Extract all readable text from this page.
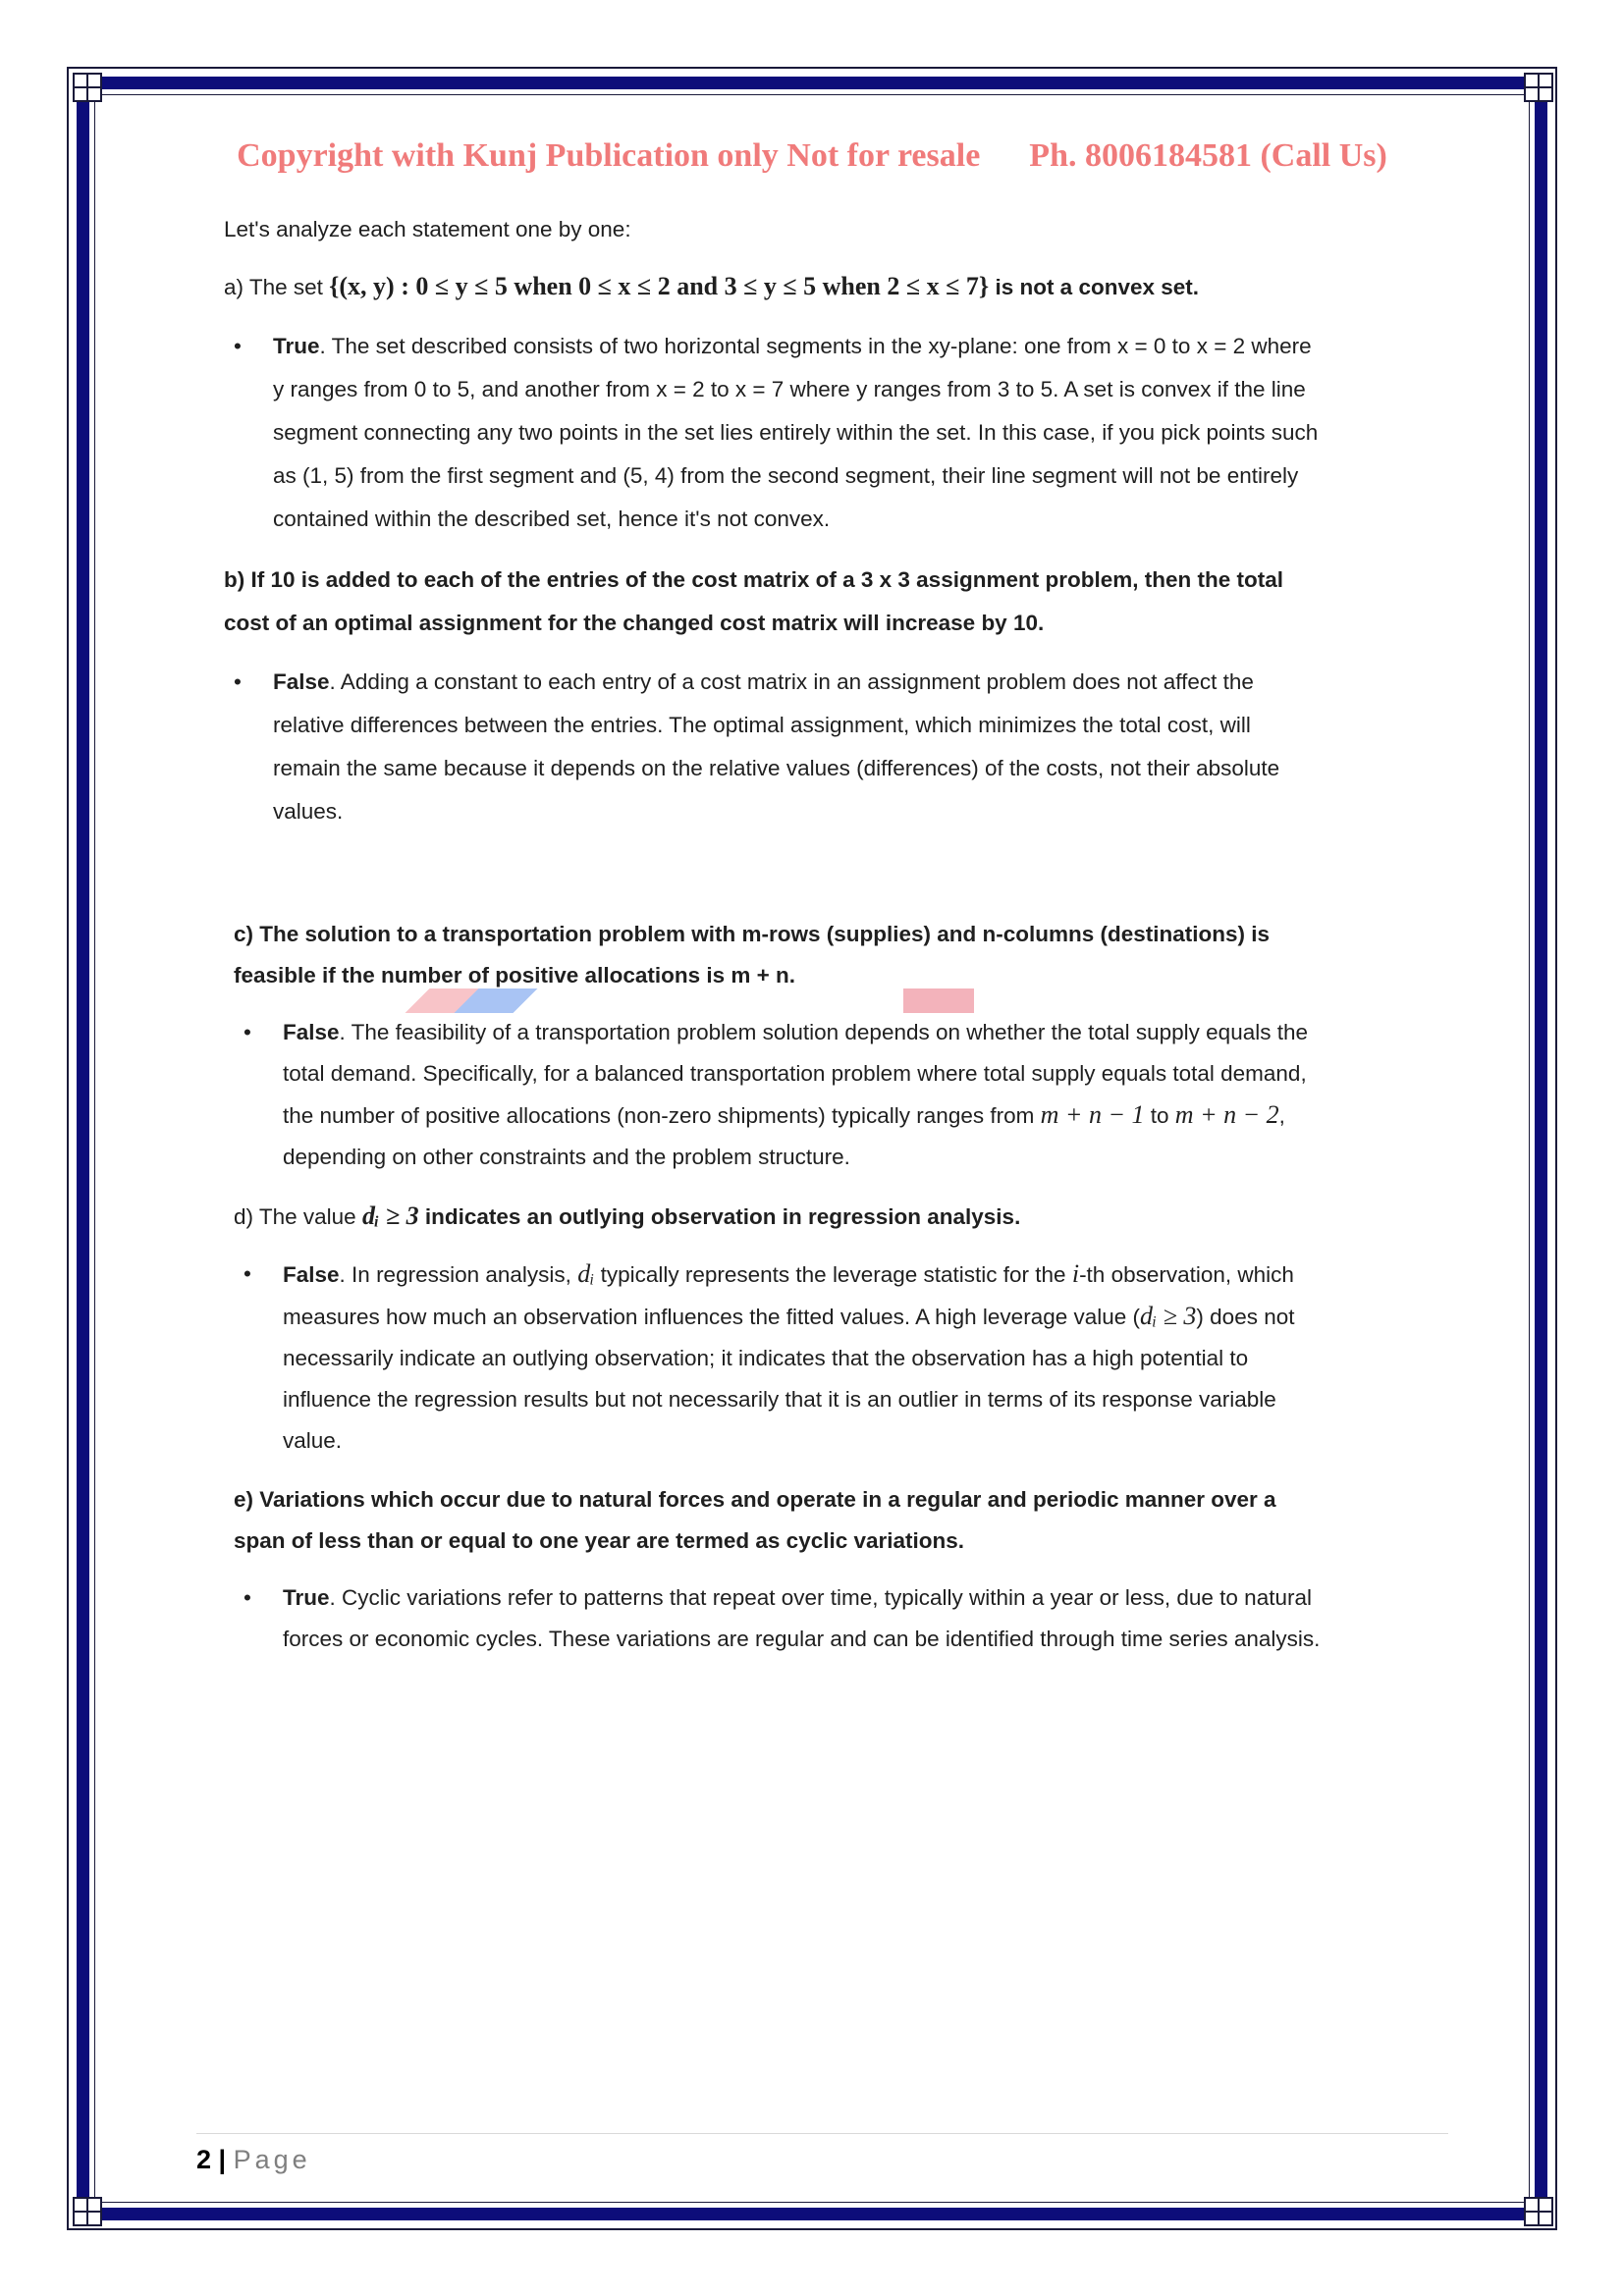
Copyright with Kunj Publication only Not for resale Ph. 8006184581 (Call Us)

Let's analyze each statement one by one:

a) The set {(x, y) : 0 ≤ y ≤ 5 when 0 ≤ x ≤ 2 and 3 ≤ y ≤ 5 when 2 ≤ x ≤ 7} is not a convex set.
•	True. The set described consists of two horizontal segments in the xy-plane: one from x = 0 to x = 2 where y ranges from 0 to 5, and another from x = 2 to x = 7 where y ranges from 3 to 5. A set is convex if the line segment connecting any two points in the set lies entirely within the set. In this case, if you pick points such as (1, 5) from the first segment and (5, 4) from the second segment, their line segment will not be entirely contained within the described set, hence it's not convex.
b) If 10 is added to each of the entries of the cost matrix of a 3 x 3 assignment problem, then the total cost of an optimal assignment for the changed cost matrix will increase by 10.
•	False. Adding a constant to each entry of a cost matrix in an assignment problem does not affect the relative differences between the entries. The optimal assignment, which minimizes the total cost, will remain the same because it depends on the relative values (differences) of the costs, not their absolute values.
c) The solution to a transportation problem with m-rows (supplies) and n-columns (destinations) is feasible if the number of positive allocations is m + n.
•	False. The feasibility of a transportation problem solution depends on whether the total supply equals the total demand. Specifically, for a balanced transportation problem where total supply equals total demand, the number of positive allocations (non-zero shipments) typically ranges from m + n − 1 to m + n − 2, depending on other constraints and the problem structure.
d) The value dᵢ ≥ 3 indicates an outlying observation in regression analysis.
•	False. In regression analysis, dᵢ typically represents the leverage statistic for the i-th observation, which measures how much an observation influences the fitted values. A high leverage value (dᵢ ≥ 3) does not necessarily indicate an outlying observation; it indicates that the observation has a high potential to influence the regression results but not necessarily that it is an outlier in terms of its response variable value.
e) Variations which occur due to natural forces and operate in a regular and periodic manner over a span of less than or equal to one year are termed as cyclic variations.
•	True. Cyclic variations refer to patterns that repeat over time, typically within a year or less, due to natural forces or economic cycles. These variations are regular and can be identified through time series analysis.
2 | Page
